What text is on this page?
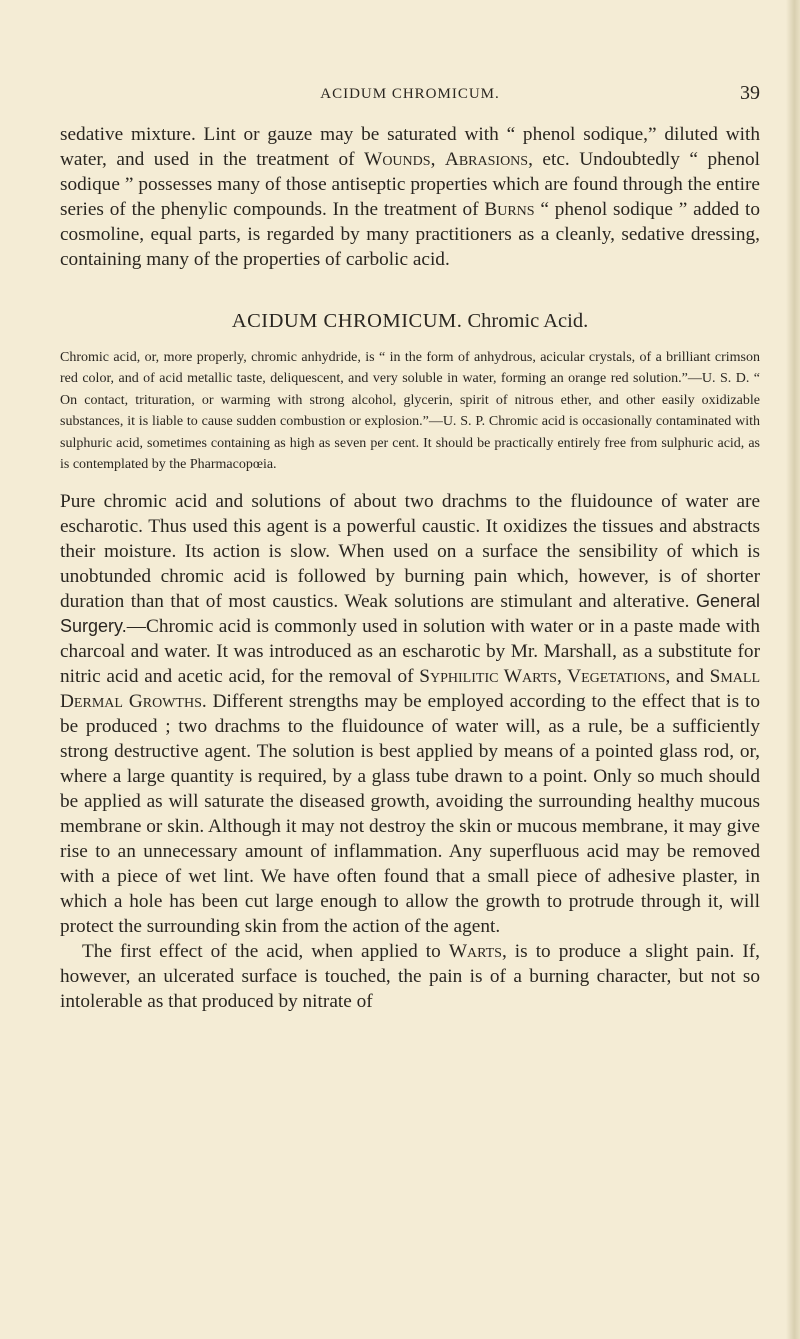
ACIDUM CHROMICUM.	39

sedative mixture. Lint or gauze may be saturated with “ phenol sodique,” diluted with water, and used in the treatment of Wounds, Abrasions, etc. Undoubtedly “ phenol sodique ” possesses many of those antiseptic properties which are found through the entire series of the phenylic compounds. In the treatment of Burns “ phenol sodique ” added to cosmoline, equal parts, is regarded by many practitioners as a cleanly, sedative dressing, containing many of the properties of carbolic acid.

ACIDUM CHROMICUM. Chromic Acid.

Chromic acid, or, more properly, chromic anhydride, is “ in the form of anhydrous, acicular crystals, of a brilliant crimson red color, and of acid metallic taste, deliquescent, and very soluble in water, forming an orange red solution.”—U. S. D. “ On contact, trituration, or warming with strong alcohol, glycerin, spirit of nitrous ether, and other easily oxidizable substances, it is liable to cause sudden combustion or explosion.”—U. S. P. Chromic acid is occasionally contaminated with sulphuric acid, sometimes containing as high as seven per cent. It should be practically entirely free from sulphuric acid, as is contemplated by the Pharmacopœia.

Pure chromic acid and solutions of about two drachms to the fluidounce of water are escharotic. Thus used this agent is a powerful caustic. It oxidizes the tissues and abstracts their moisture. Its action is slow. When used on a surface the sensibility of which is unobtunded chromic acid is followed by burning pain which, however, is of shorter duration than that of most caustics. Weak solutions are stimulant and alterative. General Surgery.—Chromic acid is commonly used in solution with water or in a paste made with charcoal and water. It was introduced as an escharotic by Mr. Marshall, as a substitute for nitric acid and acetic acid, for the removal of Syphilitic Warts, Vegetations, and Small Dermal Growths. Different strengths may be employed according to the effect that is to be produced ; two drachms to the fluidounce of water will, as a rule, be a sufficiently strong destructive agent. The solution is best applied by means of a pointed glass rod, or, where a large quantity is required, by a glass tube drawn to a point. Only so much should be applied as will saturate the diseased growth, avoiding the surrounding healthy mucous membrane or skin. Although it may not destroy the skin or mucous membrane, it may give rise to an unnecessary amount of inflammation. Any superfluous acid may be removed with a piece of wet lint. We have often found that a small piece of adhesive plaster, in which a hole has been cut large enough to allow the growth to protrude through it, will protect the surrounding skin from the action of the agent.

The first effect of the acid, when applied to Warts, is to produce a slight pain. If, however, an ulcerated surface is touched, the pain is of a burning character, but not so intolerable as that produced by nitrate of
